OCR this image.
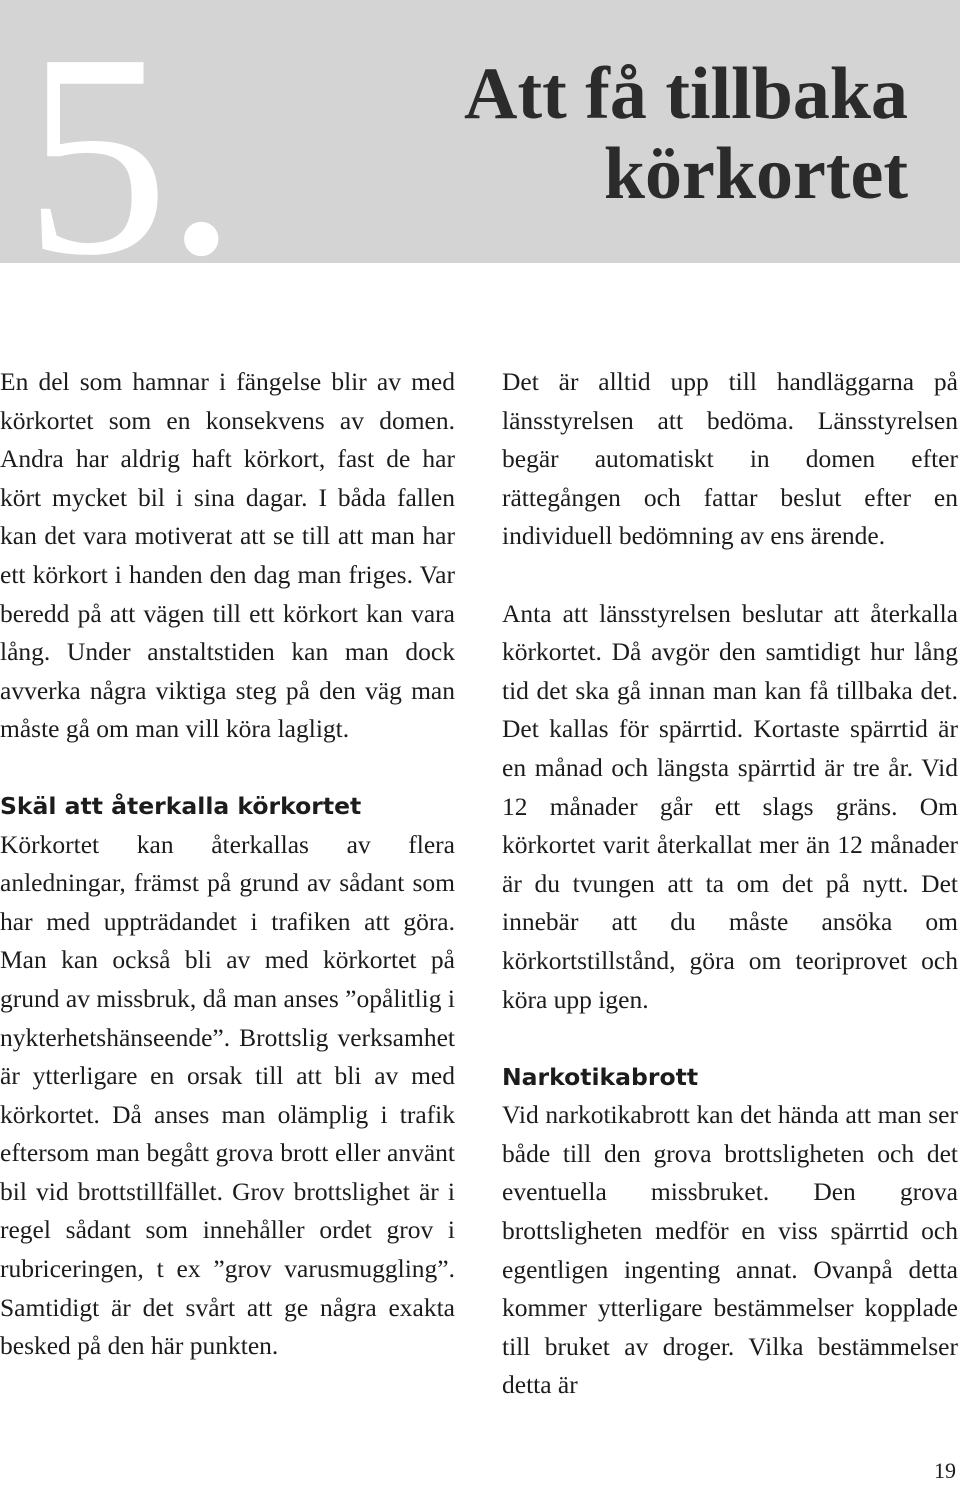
5.	Att få tillbaka körkortet

En del som hamnar i fängelse blir av med körkortet som en konsekvens av domen. Andra har aldrig haft körkort, fast de har kört mycket bil i sina dagar. I båda fallen kan det vara motiverat att se till att man har ett körkort i handen den dag man friges. Var beredd på att vägen till ett körkort kan vara lång. Under anstaltstiden kan man dock avverka några viktiga steg på den väg man måste gå om man vill köra lagligt.

Skäl att återkalla körkortet

Körkortet kan återkallas av flera anledningar, främst på grund av sådant som har med uppträdandet i trafiken att göra. Man kan också bli av med körkortet på grund av missbruk, då man anses ”opålitlig i nykterhetshänseende”. Brottslig verksamhet är ytterligare en orsak till att bli av med körkortet. Då anses man olämplig i trafik eftersom man begått grova brott eller använt bil vid brottstillfället. Grov brottslighet är i regel sådant som innehåller ordet grov i rubriceringen, t ex ”grov varusmuggling”. Samtidigt är det svårt att ge några exakta besked på den här punkten.

Det är alltid upp till handläggarna på länsstyrelsen att bedöma. Länsstyrelsen begär automatiskt in domen efter rättegången och fattar beslut efter en individuell bedömning av ens ärende.

Anta att länsstyrelsen beslutar att återkalla körkortet. Då avgör den samtidigt hur lång tid det ska gå innan man kan få tillbaka det. Det kallas för spärrtid. Kortaste spärrtid är en månad och längsta spärrtid är tre år. Vid 12 månader går ett slags gräns. Om körkortet varit återkallat mer än 12 månader är du tvungen att ta om det på nytt. Det innebär att du måste ansöka om körkortstillstånd, göra om teoriprovet och köra upp igen.

Narkotikabrott

Vid narkotikabrott kan det hända att man ser både till den grova brottsligheten och det eventuella missbruket. Den grova brottsligheten medför en viss spärrtid och egentligen ingenting annat. Ovanpå detta kommer ytterligare bestämmelser kopplade till bruket av droger. Vilka bestämmelser detta är

19
